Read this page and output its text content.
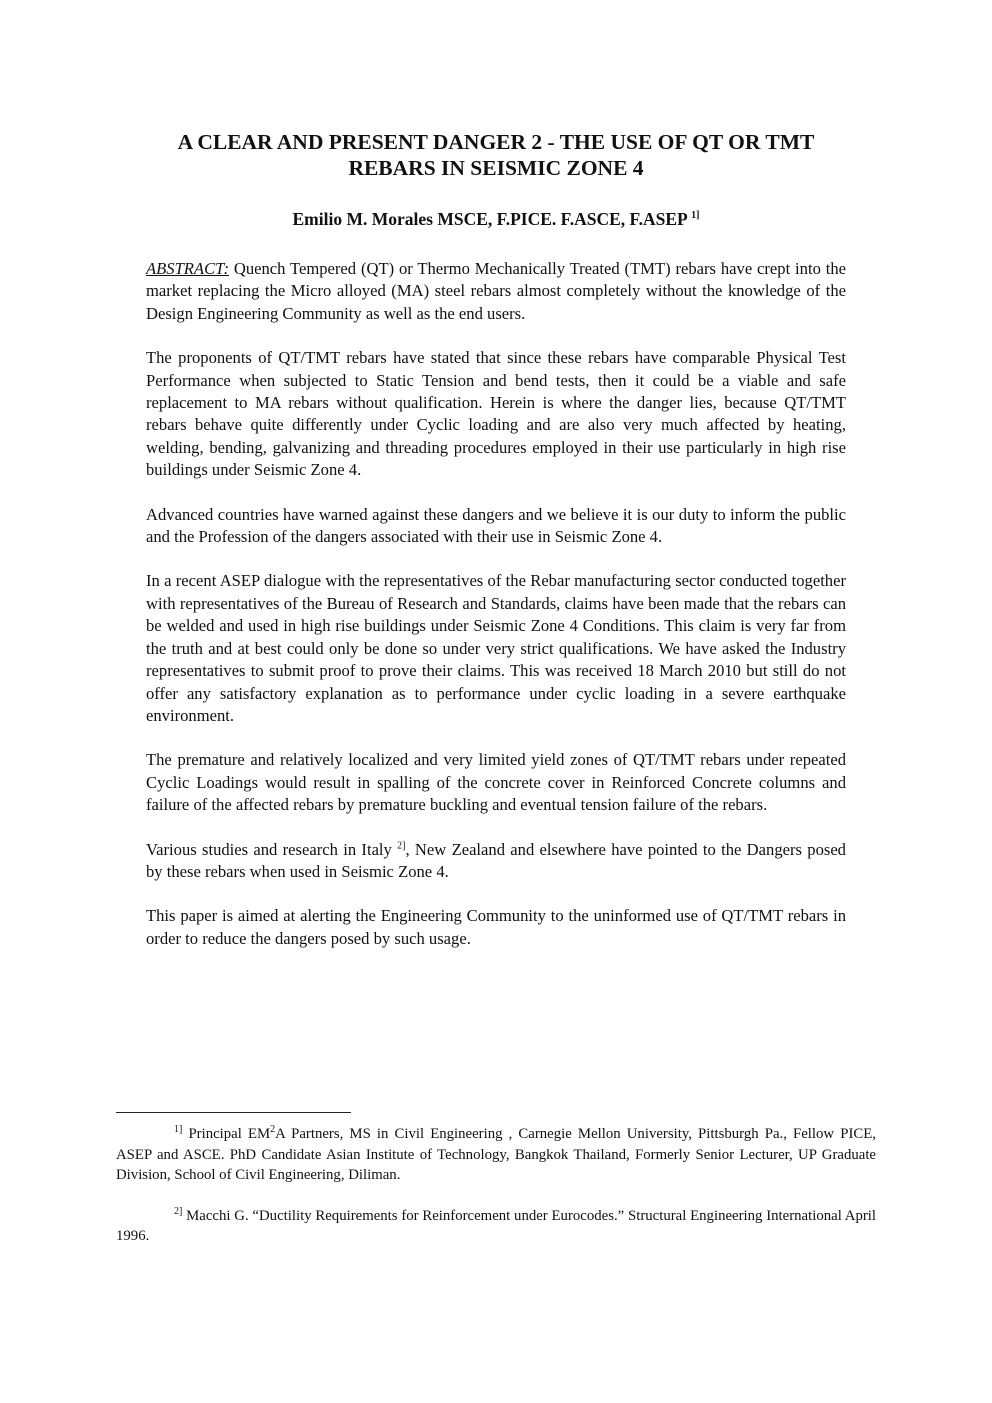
A CLEAR AND PRESENT DANGER 2 - THE USE OF QT OR TMT REBARS IN SEISMIC ZONE 4

Emilio M. Morales MSCE, F.PICE. F.ASCE, F.ASEP $^{1]}$

ABSTRACT: Quench Tempered (QT) or Thermo Mechanically Treated (TMT) rebars have crept into the market replacing the Micro alloyed (MA) steel rebars almost completely without the knowledge of the Design Engineering Community as well as the end users.

The proponents of QT/TMT rebars have stated that since these rebars have comparable Physical Test Performance when subjected to Static Tension and bend tests, then it could be a viable and safe replacement to MA rebars without qualification. Herein is where the danger lies, because QT/TMT rebars behave quite differently under Cyclic loading and are also very much affected by heating, welding, bending, galvanizing and threading procedures employed in their use particularly in high rise buildings under Seismic Zone 4.

Advanced countries have warned against these dangers and we believe it is our duty to inform the public and the Profession of the dangers associated with their use in Seismic Zone 4.

In a recent ASEP dialogue with the representatives of the Rebar manufacturing sector conducted together with representatives of the Bureau of Research and Standards, claims have been made that the rebars can be welded and used in high rise buildings under Seismic Zone 4 Conditions. This claim is very far from the truth and at best could only be done so under very strict qualifications. We have asked the Industry representatives to submit proof to prove their claims. This was received 18 March 2010 but still do not offer any satisfactory explanation as to performance under cyclic loading in a severe earthquake environment.

The premature and relatively localized and very limited yield zones of QT/TMT rebars under repeated Cyclic Loadings would result in spalling of the concrete cover in Reinforced Concrete columns and failure of the affected rebars by premature buckling and eventual tension failure of the rebars.

Various studies and research in Italy $^{2]}$, New Zealand and elsewhere have pointed to the Dangers posed by these rebars when used in Seismic Zone 4.

This paper is aimed at alerting the Engineering Community to the uninformed use of QT/TMT rebars in order to reduce the dangers posed by such usage.

$^{1]}$ Principal $EM^2A$ Partners, MS in Civil Engineering , Carnegie Mellon University, Pittsburgh Pa., Fellow PICE, ASEP and ASCE. PhD Candidate Asian Institute of Technology, Bangkok Thailand, Formerly Senior Lecturer, UP Graduate Division, School of Civil Engineering, Diliman.

$^{2]}$ Macchi G. “Ductility Requirements for Reinforcement under Eurocodes.” Structural Engineering International April 1996.
